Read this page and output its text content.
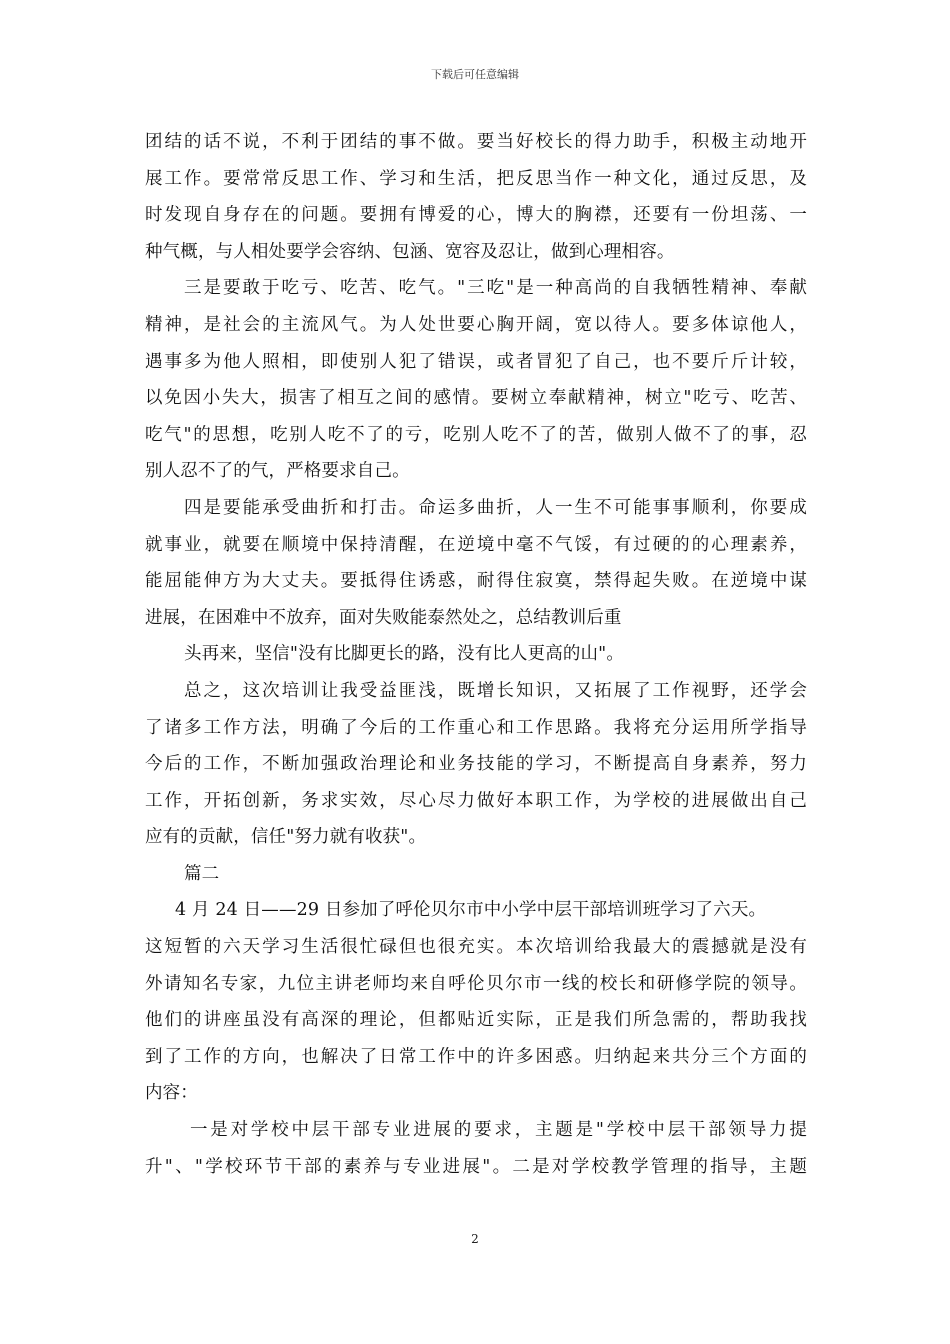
下载后可任意编辑
团结的话不说，不利于团结的事不做。要当好校长的得力助手，积极主动地开
展工作。要常常反思工作、学习和生活，把反思当作一种文化，通过反思，及
时发现自身存在的问题。要拥有博爱的心，博大的胸襟，还要有一份坦荡、一
种气概，与人相处要学会容纳、包涵、宽容及忍让，做到心理相容。
三是要敢于吃亏、吃苦、吃气。"三吃"是一种高尚的自我牺牲精神、奉献
精神，是社会的主流风气。为人处世要心胸开阔，宽以待人。要多体谅他人，
遇事多为他人照相，即使别人犯了错误，或者冒犯了自己，也不要斤斤计较，
以免因小失大，损害了相互之间的感情。要树立奉献精神，树立"吃亏、吃苦、
吃气"的思想，吃别人吃不了的亏，吃别人吃不了的苦，做别人做不了的事，忍
别人忍不了的气，严格要求自己。
四是要能承受曲折和打击。命运多曲折，人一生不可能事事顺利，你要成
就事业，就要在顺境中保持清醒，在逆境中毫不气馁，有过硬的的心理素养，
能屈能伸方为大丈夫。要抵得住诱惑，耐得住寂寞，禁得起失败。在逆境中谋
进展，在困难中不放弃，面对失败能泰然处之，总结教训后重
头再来，坚信"没有比脚更长的路，没有比人更高的山"。
总之，这次培训让我受益匪浅，既增长知识，又拓展了工作视野，还学会
了诸多工作方法，明确了今后的工作重心和工作思路。我将充分运用所学指导
今后的工作，不断加强政治理论和业务技能的学习，不断提高自身素养，努力
工作，开拓创新，务求实效，尽心尽力做好本职工作，为学校的进展做出自己
应有的贡献，信任"努力就有收获"。
篇二
4 月 24 日——29 日参加了呼伦贝尔市中小学中层干部培训班学习了六天。
这短暂的六天学习生活很忙碌但也很充实。本次培训给我最大的震撼就是没有
外请知名专家，九位主讲老师均来自呼伦贝尔市一线的校长和研修学院的领导。
他们的讲座虽没有高深的理论，但都贴近实际，正是我们所急需的，帮助我找
到了工作的方向，也解决了日常工作中的许多困惑。归纳起来共分三个方面的
内容：
一是对学校中层干部专业进展的要求，主题是"学校中层干部领导力提
升"、"学校环节干部的素养与专业进展"。二是对学校教学管理的指导，主题
2
